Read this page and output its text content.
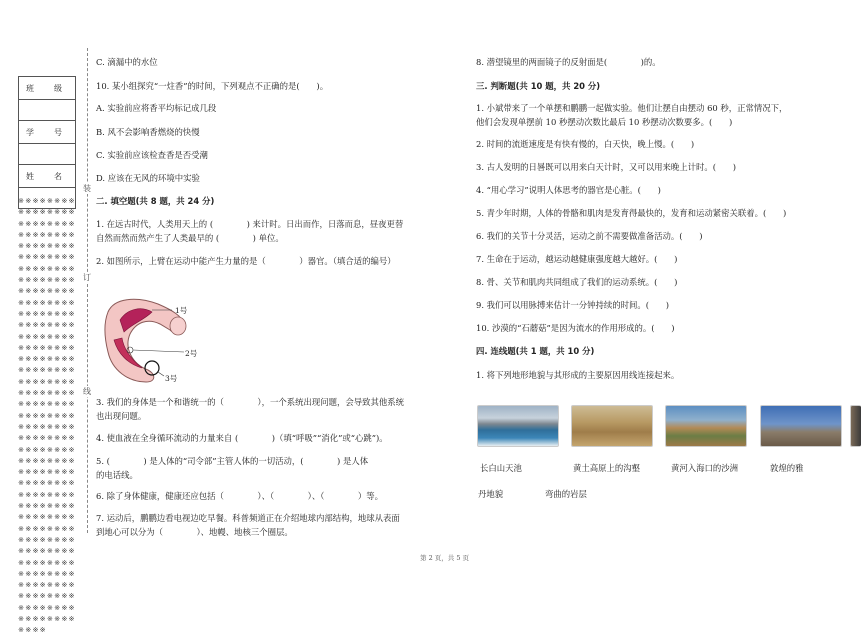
班　级

学　号

姓　名

※※※※※※※※※※※※※※※※※※※※※※※※※※※※※※※※※※※※※※※※※※※※※※※※※※※※※※※※※※※※※※※※※※※※※※※※※※※※※※※※※※※※※※※※※※※※※※※※※※※※※※※※※※※※※※※※※※※※※※※※※※※※※※※※※※※※※※※※※※※※※※※※※※※※※※※※※※※※※※※※※※※※※※※※※※※※※※※※※※※※※※※※※※※※※※※※※※※※※※※※※※※※※※※※※※※※※※※※※※※※※※※※※※※※※※※※※※※※※※※※※※※※※※※※※※※※※※※※※※※※※※※※※※※※※※※※※※※※※※※※※※※※※※※※※※※※※※※※※※※※※※※※※※※※
装
订
线
C. 滴漏中的水位
10. 某小组探究“一炷香”的时间，下列观点不正确的是(　　)。
A. 实验前应将香平均标记成几段
B. 风不会影响香燃烧的快慢
C. 实验前应该检查香是否受潮
D. 应该在无风的环境中实验
二. 填空题(共 8 题，共 24 分)
1. 在远古时代，人类用天上的 (　　　　) 来计时。日出而作，日落而息，昼夜更替
自然而然而然产生了人类最早的 (　　　　) 单位。
2. 如图所示，上臂在运动中能产生力量的是（　　　　）器官。（填合适的编号）
1号
2号
3号
3. 我们的身体是一个和谐统一的（　　　　），一个系统出现问题，会导致其他系统
也出现问题。
4. 使血液在全身循环流动的力量来自 (　　　　)（填“呼吸”“消化”或“心跳”)。
5. (　　　　) 是人体的“司令部”主管人体的一切活动，(　　　　) 是人体
的电话线。
6. 除了身体健康，健康还应包括（　　　　）、（　　　　）、（　　　　）等。
7. 运动后，鹏鹏边看电视边吃早餐。科普频道正在介绍地球内部结构，地球从表面
到地心可以分为（　　　　）、地幔、地核三个圈层。
8. 潜望镜里的两面镜子的反射面是(　　　　)的。
三. 判断题(共 10 题，共 20 分)
1. 小斌带来了一个单摆和鹏鹏一起做实验。他们让摆自由摆动 60 秒，正常情况下，
他们会发现单摆前 10 秒摆动次数比最后 10 秒摆动次数要多。(　　)
2. 时间的流逝速度是有快有慢的，白天快，晚上慢。(　　)
3. 古人发明的日晷既可以用来白天计时，又可以用来晚上计时。(　　)
4. “用心学习”说明人体思考的器官是心脏。(　　)
5. 青少年时期，人体的骨骼和肌肉是发育得最快的，发育和运动紧密关联着。(　　)
6. 我们的关节十分灵活，运动之前不需要做准备活动。(　　)
7. 生命在于运动，越运动越健康强度越大越好。(　　)
8. 骨、关节和肌肉共同组成了我们的运动系统。(　　)
9. 我们可以用脉搏来估计一分钟持续的时间。(　　)
10. 沙漠的“石蘑菇”是因为流水的作用形成的。(　　)
四. 连线题(共 1 题，共 10 分)
1. 将下列地形地貌与其形成的主要原因用线连接起来。
长白山天池	黄土高原上的沟壑	黄河入海口的沙洲	敦煌的雅
丹地貌	弯曲的岩层
第 2 页，共 5 页
